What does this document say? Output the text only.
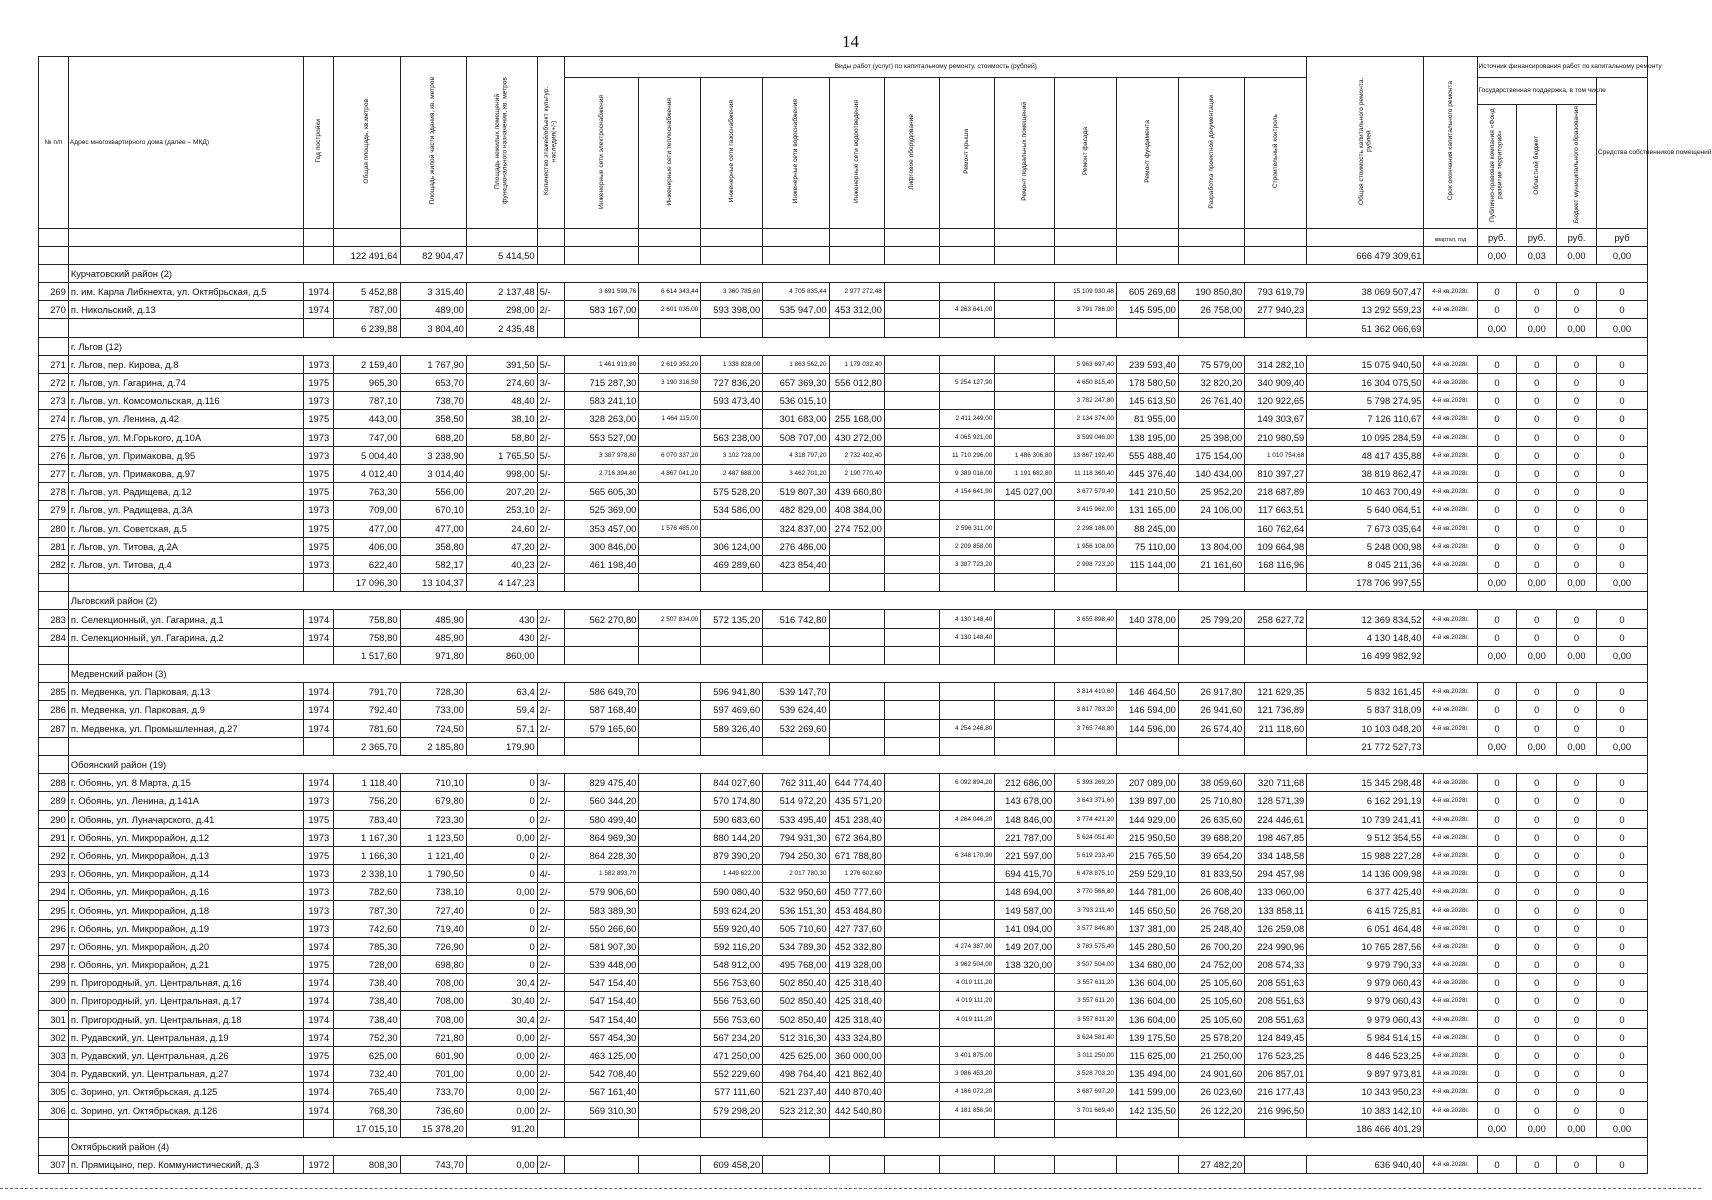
14
№ п/п	Адрес многоквартирного дома (далее – МКД)	Год постройки	Общая площадь, кв.метров	Площадь жилой части здания, кв. метров	Площадь нежилых помещений функционального назначения, кв. метров	Количество этажей/объект культур. наследия(+/-)	Виды работ (услуг) по капитальному ремонту, стоимость (рублей)												Общая стоимость капитального ремонта, рублей	Срок окончания капитального ремонта	Источник финансирования работ по капитальному ремонту			
							Инженерные сети электроснабжения	Инженерные сети теплоснабжения	Инженерные сети газоснабжения	Инженерные сети водоснабжения	Инженерные сети водоотведения	Лифтовое оборудование	Ремонт крыши	Ремонт подвальных помещений	Ремонт фасада	Ремонт фундамента	Разработка проектной документации	Строительный контроль			Государственная поддержка, в том числе			Средства собственников помещений
																					Публично-правовая компания «Фонд развития территорий»	Областной бюджет	Бюджет муниципального образования	
																				квартал, год	руб.	руб.	руб.	руб
			122 491,64	82 904,47	5 414,50														666 479 309,61		0,00	0,03	0,00	0,00
	Курчатовский район (2)																							
269	п. им. Карла Либкнехта, ул. Октябрьская, д.5	1974	5 452,88	3 315,40	2 137,48	5/-	3 691 599,76	6 614 343,44	3 360 785,60	4 705 835,44	2 977 272,48				15 109 930,48	605 269,68	190 850,80	793 619,79	38 069 507,47	4-й кв.2028г.	0	0	0	0
270	п. Никольский, д.13	1974	787,00	489,00	298,00	2/-	583 167,00	2 601 035,00	593 398,00	535 947,00	453 312,00		4 263 641,00		3 791 786,00	145 595,00	26 758,00	277 940,23	13 292 559,23	4-й кв.2028г.	0	0	0	0
			6 239,88	3 804,40	2 435,48														51 362 066,69		0,00	0,00	0,00	0,00
	г. Льгов (12)																							
271	г. Льгов, пер. Кирова, д.8	1973	2 159,40	1 767,90	391,50	5/-	1 461 913,80	2 619 352,20	1 338 828,00	1 863 562,20	1 179 032,40				5 963 697,40	239 593,40	75 579,00	314 282,10	15 075 940,50	4-й кв.2028г.	0	0	0	0
272	г. Льгов, ул. Гагарина, д.74	1975	965,30	653,70	274,60	3/-	715 287,30	3 190 316,50	727 836,20	657 369,30	556 012,80		5 254 127,90		4 650 815,40	178 580,50	32 820,20	340 909,40	16 304 075,50	4-й кв.2028г.	0	0	0	0
273	г. Льгов, ул. Комсомольская, д.116	1973	787,10	738,70	48,40	2/-	583 241,10		593 473,40	536 015,10					3 782 247,80	145 613,50	26 761,40	120 922,65	5 798 274,95	4-й кв.2028г.	0	0	0	0
274	г. Льгов, ул. Ленина, д.42	1975	443,00	358,50	38,10	2/-	328 263,00	1 464 115,00		301 683,00	255 168,00		2 411 249,00		2 134 374,00	81 955,00		149 303,67	7 126 110,67	4-й кв.2028г.	0	0	0	0
275	г. Льгов, ул. М.Горького, д.10А	1973	747,00	688,20	58,80	2/-	553 527,00		563 238,00	508 707,00	430 272,00		4 065 921,00		3 599 046,00	138 195,00	25 398,00	210 980,59	10 095 284,59	4-й кв.2028г.	0	0	0	0
276	г. Льгов, ул. Примакова, д.95	1973	5 004,40	3 238,90	1 765,50	5/-	3 387 978,80	6 070 337,20	3 102 728,00	4 318 797,20	2 732 402,40		11 710 296,00	1 486 306,80	13 867 192,40	555 488,40	175 154,00	1 010 754,68	48 417 435,88	4-й кв.2028г.	0	0	0	0
277	г. Льгов, ул. Примакова, д.97	1975	4 012,40	3 014,40	998,00	5/-	2 716 394,80	4 867 041,20	2 487 688,00	3 462 701,20	2 190 770,40		9 389 016,00	1 191 682,80	11 118 360,40	445 376,40	140 434,00	810 397,27	38 819 862,47	4-й кв.2028г.	0	0	0	0
278	г. Льгов, ул. Радищева, д.12	1975	763,30	556,00	207,20	2/-	565 605,30		575 528,20	519 807,30	439 660,80		4 154 641,90	145 027,00	3 677 579,40	141 210,50	25 952,20	218 687,89	10 463 700,49	4-й кв.2028г.	0	0	0	0
279	г. Льгов, ул. Радищева, д.3А	1973	709,00	670,10	253,10	2/-	525 369,00		534 586,00	482 829,00	408 384,00				3 415 962,00	131 165,00	24 106,00	117 663,51	5 640 064,51	4-й кв.2028г.	0	0	0	0
280	г. Льгов, ул. Советская, д.5	1975	477,00	477,00	24,60	2/-	353 457,00	1 576 485,00		324 837,00	274 752,00		2 596 311,00		2 298 186,00	88 245,00		160 762,64	7 673 035,64	4-й кв.2028г.	0	0	0	0
281	г. Льгов, ул. Титова, д.2А	1975	406,00	358,80	47,20	2/-	300 846,00		306 124,00	276 486,00			2 209 858,00		1 956 108,00	75 110,00	13 804,00	109 664,98	5 248 000,98	4-й кв.2028г.	0	0	0	0
282	г. Льгов, ул. Титова, д.4	1973	622,40	582,17	40,23	2/-	461 198,40		469 289,60	423 854,40			3 387 723,20		2 998 723,20	115 144,00	21 161,60	168 116,96	8 045 211,36	4-й кв.2028г.	0	0	0	0
			17 096,30	13 104,37	4 147,23														178 706 997,55		0,00	0,00	0,00	0,00
	Льговский район (2)																							
283	п. Селекционный, ул. Гагарина, д.1	1974	758,80	485,90	430	2/-	562 270,80	2 507 834,00	572 135,20	516 742,80			4 130 148,40		3 655 898,40	140 378,00	25 799,20	258 627,72	12 369 834,52	4-й кв.2028г.	0	0	0	0
284	п. Селекционный, ул. Гагарина, д.2	1974	758,80	485,90	430	2/-							4 130 148,40						4 130 148,40	4-й кв.2028г.	0	0	0	0
			1 517,60	971,80	860,00														16 499 982,92		0,00	0,00	0,00	0,00
	Медвенский район (3)																							
285	п. Медвенка, ул. Парковая, д.13	1974	791,70	728,30	63,4	2/-	586 649,70		596 941,80	539 147,70					3 814 410,60	146 464,50	26 917,80	121 629,35	5 832 161,45	4-й кв.2028г.	0	0	0	0
286	п. Медвенка, ул. Парковая, д.9	1974	792,40	733,00	59,4	2/-	587 168,40		597 469,60	539 624,40					3 817 783,20	146 594,00	26 941,60	121 736,89	5 837 318,09	4-й кв.2028г.	0	0	0	0
287	п. Медвенка, ул. Промышленная, д.27	1974	781,60	724,50	57,1	2/-	579 165,60		589 326,40	532 269,60			4 254 246,80		3 765 748,80	144 596,00	26 574,40	211 118,60	10 103 048,20	4-й кв.2028г.	0	0	0	0
			2 365,70	2 185,80	179,90														21 772 527,73		0,00	0,00	0,00	0,00
	Обоянский район (19)																							
288	г. Обоянь, ул. 8 Марта, д.15	1974	1 118,40	710,10	0	3/-	829 475,40		844 027,60	762 311,40	644 774,40		6 092 894,20	212 686,00	5 393 269,20	207 089,00	38 059,60	320 711,68	15 345 298,48	4-й кв.2028г.	0	0	0	0
289	г. Обоянь, ул. Ленина, д.141А	1973	756,20	679,80	0	2/-	560 344,20		570 174,80	514 972,20	435 571,20			143 678,00	3 643 371,60	139 897,00	25 710,80	128 571,39	6 162 291,19	4-й кв.2028г.	0	0	0	0
290	г. Обоянь, ул. Луначарского, д.41	1975	783,40	723,30	0	2/-	580 499,40		590 683,60	533 495,40	451 238,40		4 264 046,20	148 846,00	3 774 421,20	144 929,00	26 635,60	224 446,61	10 739 241,41	4-й кв.2028г.	0	0	0	0
291	г. Обоянь, ул. Микрорайон, д.12	1973	1 167,30	1 123,50	0,00	2/-	864 969,30		880 144,20	794 931,30	672 364,80			221 787,00	5 624 051,40	215 950,50	39 688,20	198 467,85	9 512 354,55	4-й кв.2028г.	0	0	0	0
292	г. Обоянь, ул. Микрорайон, д.13	1975	1 166,30	1 121,40	0	2/-	864 228,30		879 390,20	794 250,30	671 788,80		6 348 170,90	221 597,00	5 619 233,40	215 765,50	39 654,20	334 148,58	15 988 227,28	4-й кв.2028г.	0	0	0	0
293	г. Обоянь, ул. Микрорайон, д.14	1973	2 338,10	1 790,50	0	4/-	1 582 893,70		1 449 622,00	2 017 780,30	1 276 602,60			694 415,70	6 478 875,10	259 529,10	81 833,50	294 457,98	14 136 009,98	4-й кв.2028г.	0	0	0	0
294	г. Обоянь, ул. Микрорайон, д.16	1973	782,60	738,10	0,00	2/-	579 906,60		590 080,40	532 950,60	450 777,60			148 694,00	3 770 566,80	144 781,00	26 608,40	133 060,00	6 377 425,40	4-й кв.2028г.	0	0	0	0
295	г. Обоянь, ул. Микрорайон, д.18	1973	787,30	727,40	0	2/-	583 389,30		593 624,20	536 151,30	453 484,80			149 587,00	3 793 211,40	145 650,50	26 768,20	133 858,11	6 415 725,81	4-й кв.2028г.	0	0	0	0
296	г. Обоянь, ул. Микрорайон, д.19	1973	742,60	719,40	0	2/-	550 266,60		559 920,40	505 710,60	427 737,60			141 094,00	3 577 846,80	137 381,00	25 248,40	126 259,08	6 051 464,48	4-й кв.2028г.	0	0	0	0
297	г. Обоянь, ул. Микрорайон, д.20	1974	785,30	726,90	0	2/-	581 907,30		592 116,20	534 789,30	452 332,80		4 274 387,90	149 207,00	3 783 575,40	145 280,50	26 700,20	224 990,96	10 765 287,56	4-й кв.2028г.	0	0	0	0
298	г. Обоянь, ул. Микрорайон, д.21	1975	728,00	698,80	0	2/-	539 448,00		548 912,00	495 768,00	419 328,00		3 962 504,00	138 320,00	3 507 504,00	134 680,00	24 752,00	208 574,33	9 979 790,33	4-й кв.2028г.	0	0	0	0
299	п. Пригородный, ул. Центральная, д.16	1974	738,40	708,00	30,4	2/-	547 154,40		556 753,60	502 850,40	425 318,40		4 019 111,20		3 557 611,20	136 604,00	25 105,60	208 551,63	9 979 060,43	4-й кв.2028г.	0	0	0	0
300	п. Пригородный, ул. Центральная, д.17	1974	738,40	708,00	30,40	2/-	547 154,40		556 753,60	502 850,40	425 318,40		4 019 111,20		3 557 611,20	136 604,00	25 105,60	208 551,63	9 979 060,43	4-й кв.2028г.	0	0	0	0
301	п. Пригородный, ул. Центральная, д.18	1974	738,40	708,00	30,4	2/-	547 154,40		556 753,60	502 850,40	425 318,40		4 019 111,20		3 557 611,20	136 604,00	25 105,60	208 551,63	9 979 060,43	4-й кв.2028г.	0	0	0	0
302	п. Рудавский, ул. Центральная, д.19	1974	752,30	721,80	0,00	2/-	557 454,30		567 234,20	512 316,30	433 324,80				3 624 581,40	139 175,50	25 578,20	124 849,45	5 984 514,15	4-й кв.2028г.	0	0	0	0
303	п. Рудавский, ул. Центральная, д.26	1975	625,00	601,90	0,00	2/-	463 125,00		471 250,00	425 625,00	360 000,00		3 401 875,00		3 011 250,00	115 625,00	21 250,00	176 523,25	8 446 523,25	4-й кв.2028г.	0	0	0	0
304	п. Рудавский, ул. Центральная, д.27	1974	732,40	701,00	0,00	2/-	542 708,40		552 229,60	498 764,40	421 862,40		3 986 453,20		3 528 703,20	135 494,00	24 901,60	206 857,01	9 897 973,81	4-й кв.2028г.	0	0	0	0
305	с. Зорино, ул. Октябрьская, д.125	1974	765,40	733,70	0,00	2/-	567 161,40		577 111,60	521 237,40	440 870,40		4 166 072,20		3 687 697,20	141 599,00	26 023,60	216 177,43	10 343 950,23	4-й кв.2028г.	0	0	0	0
306	с. Зорино, ул. Октябрьская, д.126	1974	768,30	736,60	0,00	2/-	569 310,30		579 298,20	523 212,30	442 540,80		4 181 856,90		3 701 669,40	142 135,50	26 122,20	216 996,50	10 383 142,10	4-й кв.2028г.	0	0	0	0
			17 015,10	15 378,20	91,20														186 466 401,29		0,00	0,00	0,00	0,00
	Октябрьский район (4)																							
307	п. Прямицыно, пер. Коммунистический, д.3	1972	808,30	743,70	0,00	2/-			609 458,20								27 482,20		636 940,40	4-й кв.2028г.	0	0	0	0
